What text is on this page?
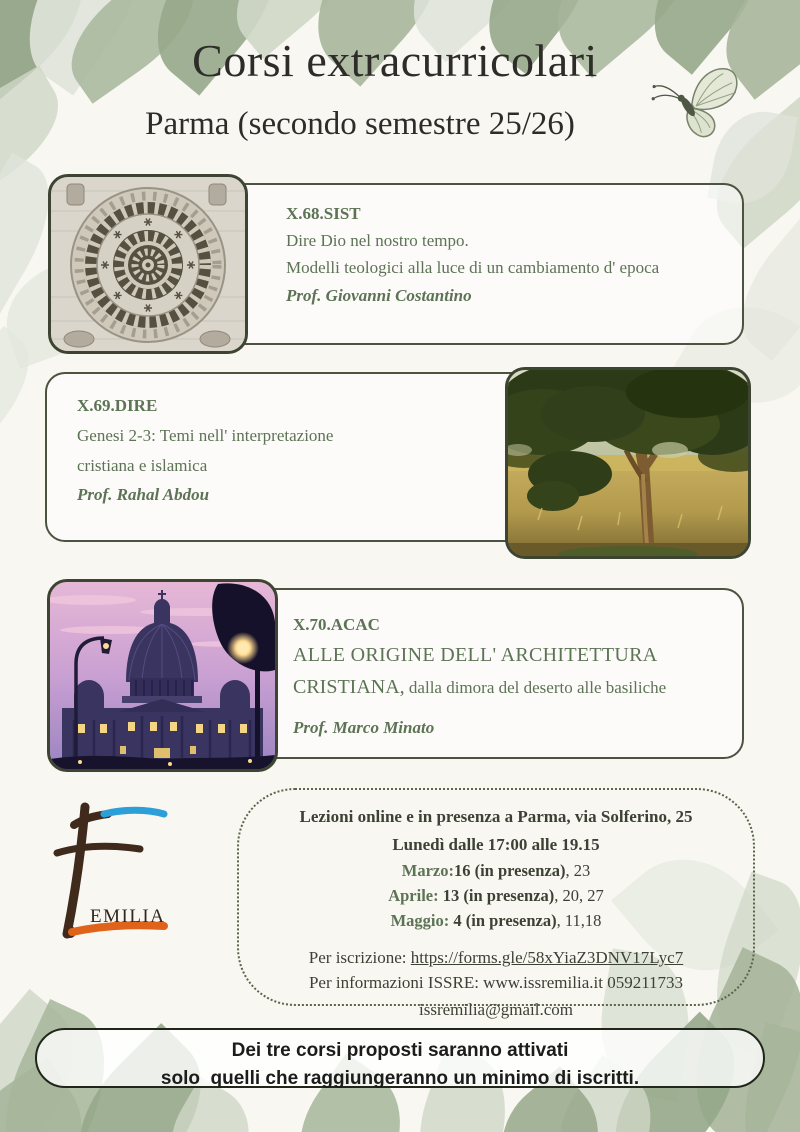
Corsi extracurricolari
Parma (secondo semestre 25/26)
X.68.SIST
Dire Dio nel nostro tempo.
Modelli teologici alla luce di un cambiamento d' epoca
Prof. Giovanni Costantino
X.69.DIRE
Genesi 2-3: Temi nell' interpretazione
cristiana e islamica
Prof. Rahal Abdou
X.70.ACAC
ALLE ORIGINE DELL' ARCHITETTURA
CRISTIANA, dalla dimora del deserto alle basiliche
Prof. Marco Minato
EMILIA
Lezioni online e in presenza a Parma, via Solferino, 25
Lunedì dalle 17:00 alle 19.15
Marzo:16 (in presenza), 23
Aprile: 13 (in presenza), 20, 27
Maggio: 4 (in presenza), 11,18
Per iscrizione: https://forms.gle/58xYiaZ3DNV17Lyc7
Per informazioni ISSRE: www.issremilia.it 059211733
issremilia@gmail.com
Dei tre corsi proposti saranno attivati
solo  quelli che raggiungeranno un minimo di iscritti.
